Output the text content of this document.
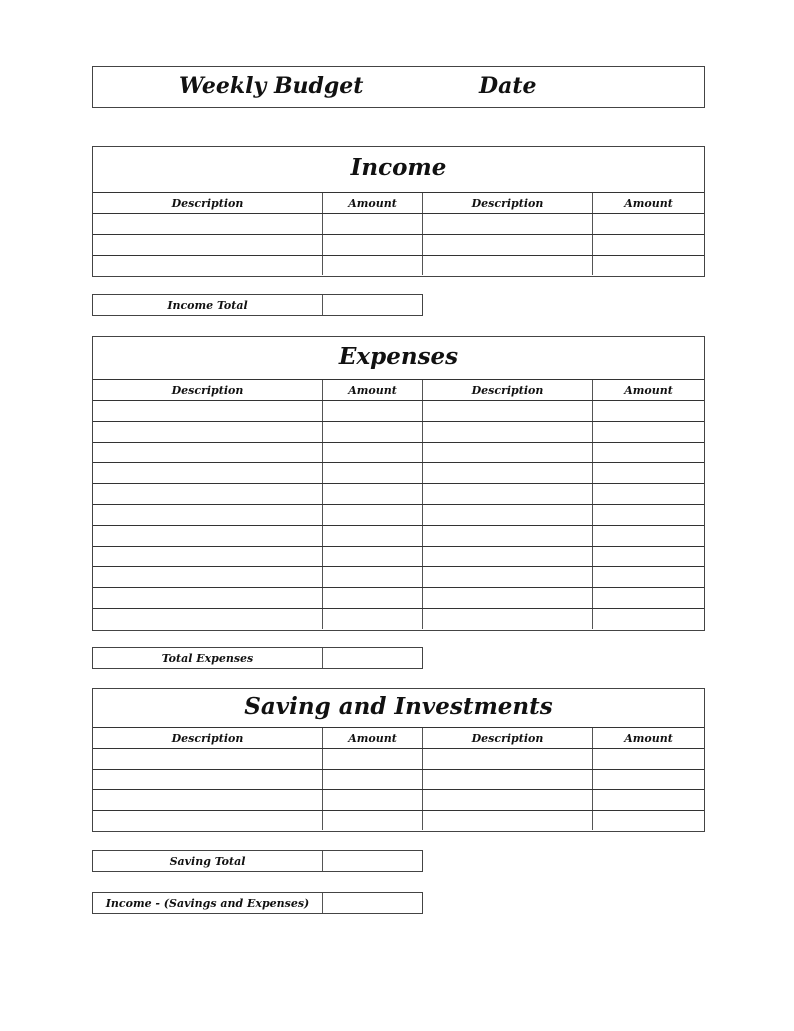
Weekly Budget	Date
Income
Description	Amount	Description	Amount
Income Total
Expenses
Description	Amount	Description	Amount
Total Expenses
Saving and Investments
Description	Amount	Description	Amount
Saving Total
Income - (Savings and Expenses)
